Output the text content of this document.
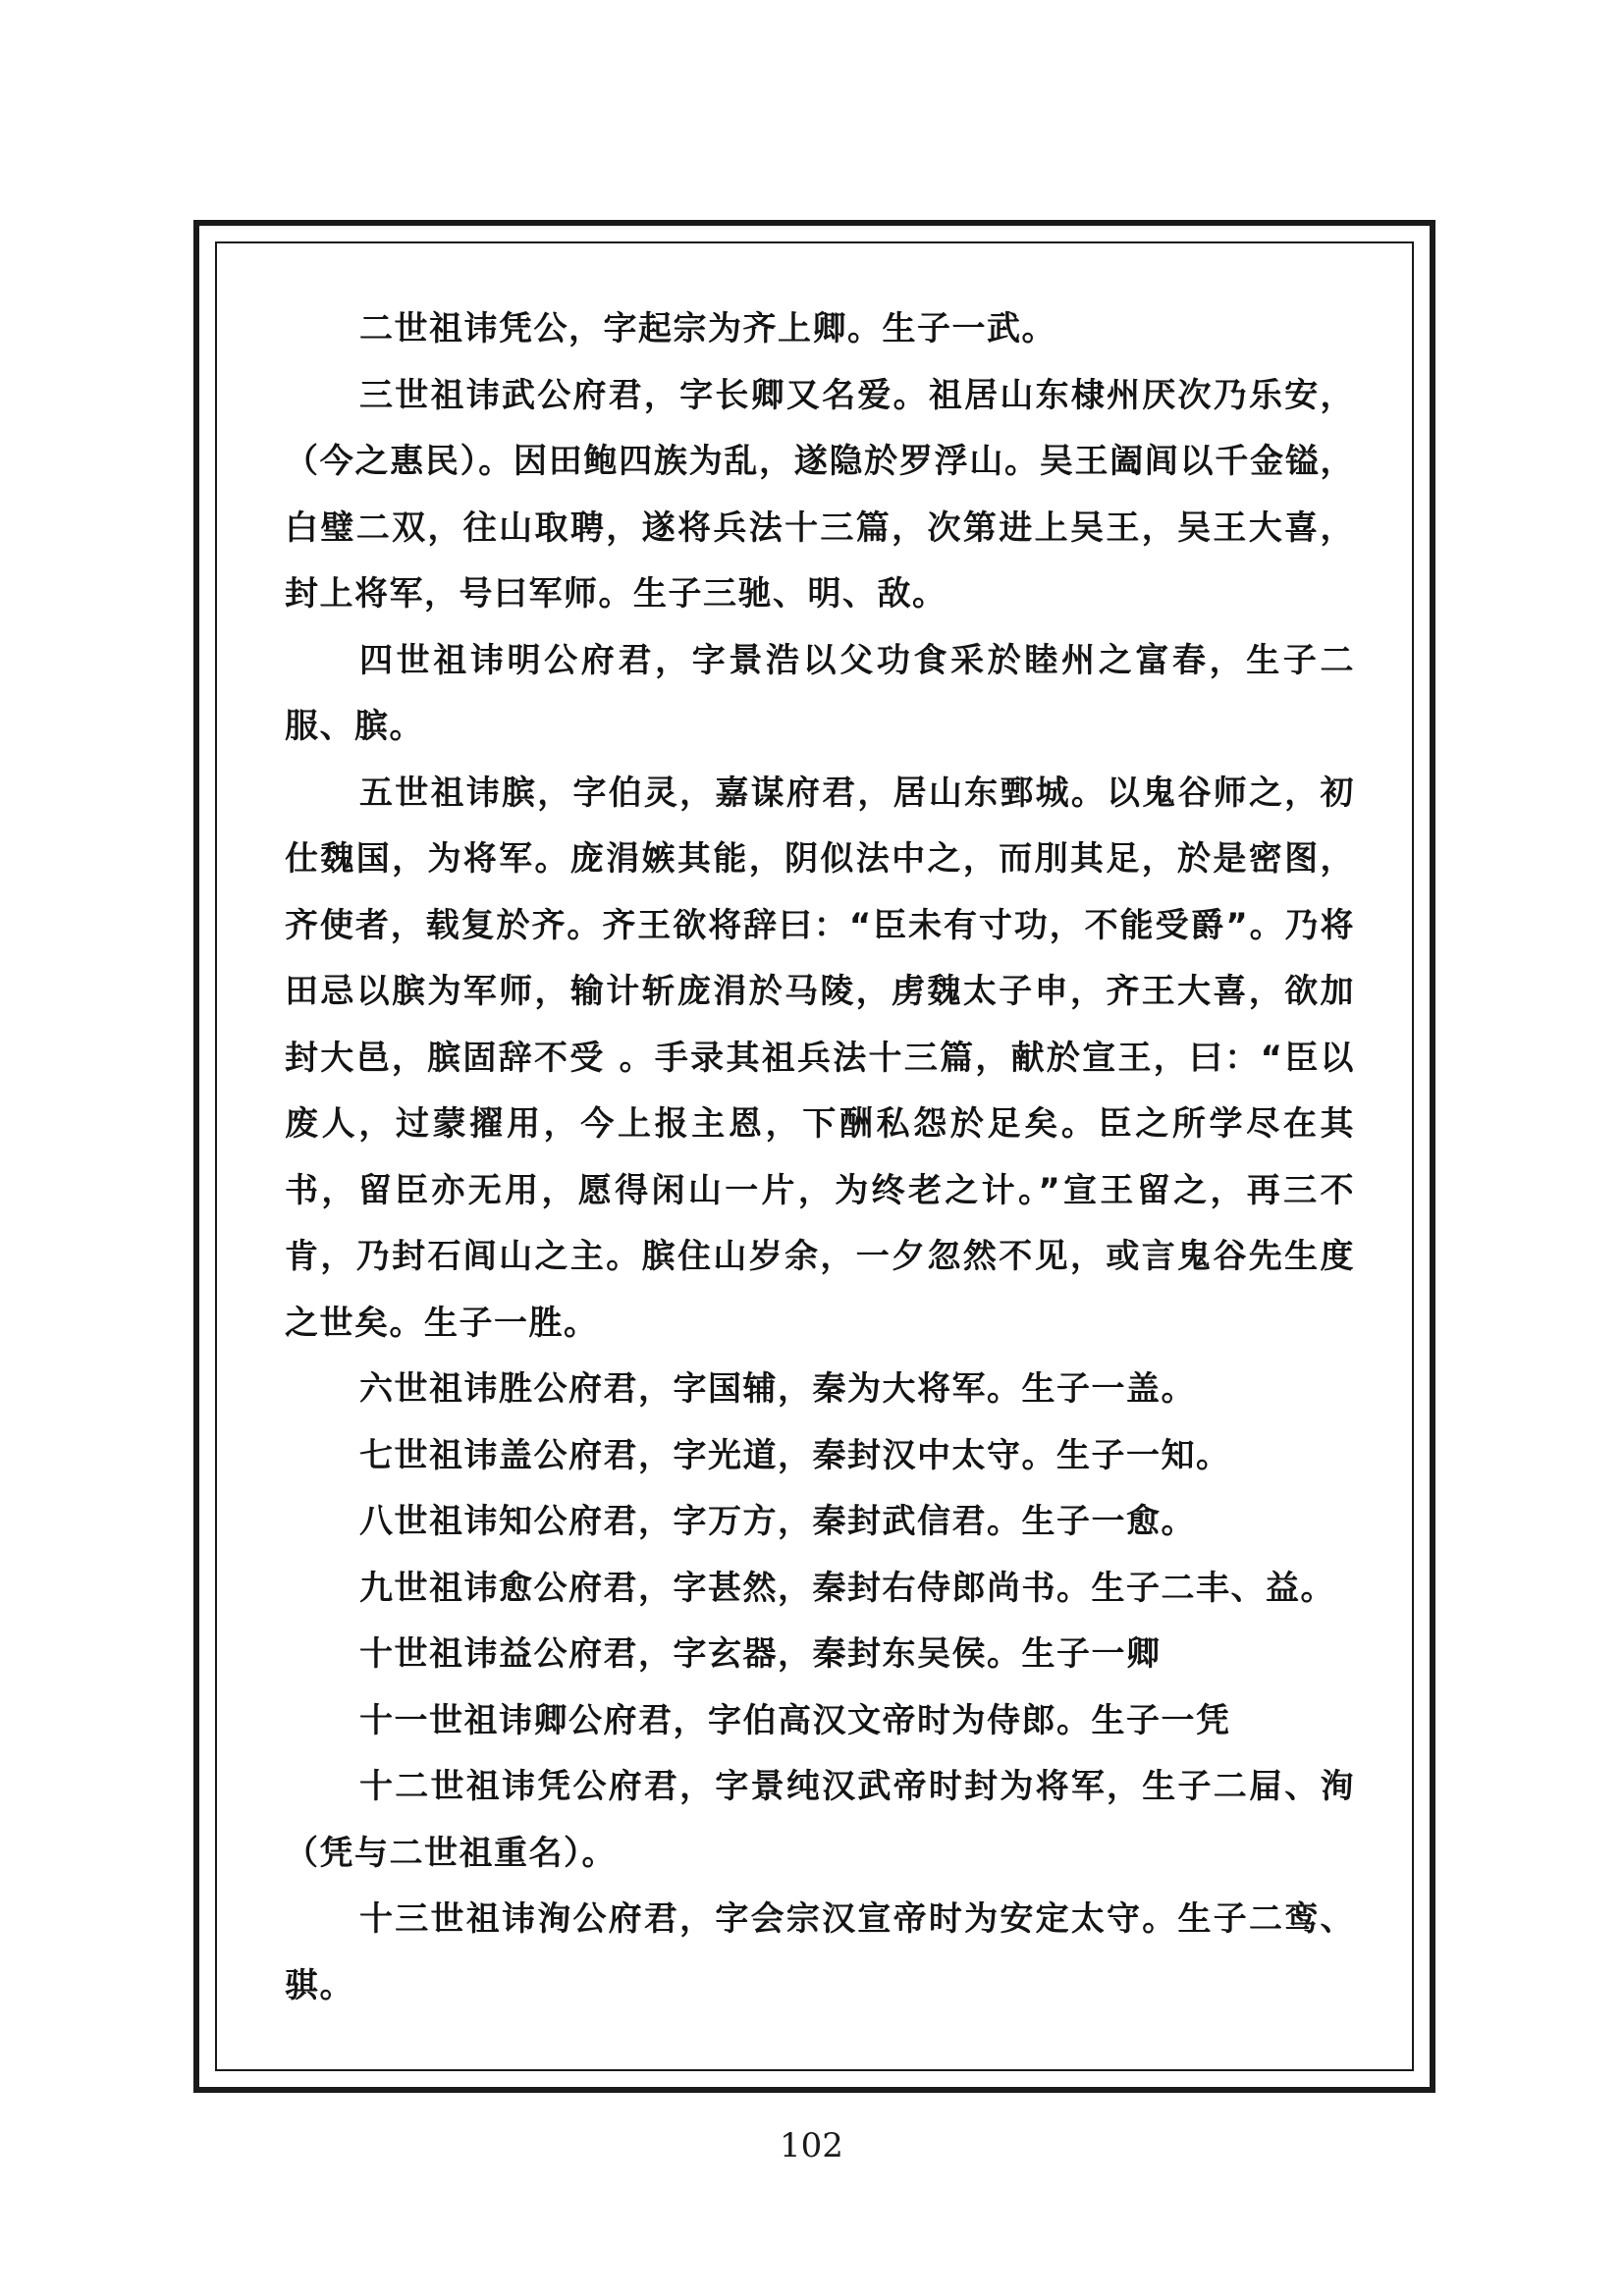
二世祖讳凭公，字起宗为齐上卿。生子一武。

三世祖讳武公府君，字长卿又名爱。祖居山东棣州厌次乃乐安，（今之惠民）。因田鲍四族为乱，遂隐於罗浮山。吴王阖闾以千金镒，白璧二双，往山取聘，遂将兵法十三篇，次第进上吴王，吴王大喜，封上将军，号曰军师。生子三驰、明、敌。

四世祖讳明公府君，字景浩以父功食采於睦州之富春，生子二服、膑。

五世祖讳膑，字伯灵，嘉谋府君，居山东鄄城。以鬼谷师之，初仕魏国，为将军。庞涓嫉其能，阴似法中之，而刖其足，於是密图，齐使者，载复於齐。齐王欲将辞曰：“臣未有寸功，不能受爵”。乃将田忌以膑为军师，输计斩庞涓於马陵，虏魏太子申，齐王大喜，欲加封大邑，膑固辞不受 。手录其祖兵法十三篇，献於宣王，曰：“臣以废人，过蒙擢用，今上报主恩，下酬私怨於足矣。臣之所学尽在其书，留臣亦无用，愿得闲山一片，为终老之计。”宣王留之，再三不肯，乃封石闾山之主。膑住山岁余，一夕忽然不见，或言鬼谷先生度之世矣。生子一胜。

六世祖讳胜公府君，字国辅，秦为大将军。生子一盖。

七世祖讳盖公府君，字光道，秦封汉中太守。生子一知。

八世祖讳知公府君，字万方，秦封武信君。生子一愈。

九世祖讳愈公府君，字甚然，秦封右侍郎尚书。生子二丰、益。

十世祖讳益公府君，字玄器，秦封东吴侯。生子一卿

十一世祖讳卿公府君，字伯高汉文帝时为侍郎。生子一凭

十二世祖讳凭公府君，字景纯汉武帝时封为将军，生子二屇、洵（凭与二世祖重名）。

十三世祖讳洵公府君，字会宗汉宣帝时为安定太守。生子二鸾、骐。

102
